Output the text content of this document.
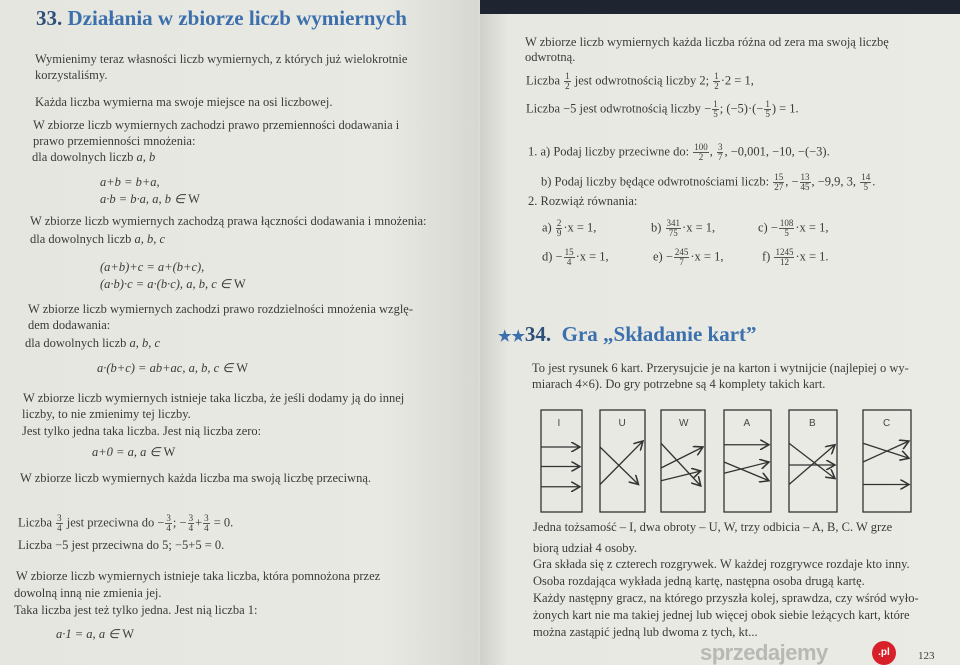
33. Działania w zbiorze liczb wymiernych
★★34. Gra „Składanie kart”
Wymienimy teraz własności liczb wymiernych, z których już wielokrotnie
korzystaliśmy.
Każda liczba wymierna ma swoje miejsce na osi liczbowej.
W zbiorze liczb wymiernych zachodzi prawo przemienności dodawania i
prawo przemienności mnożenia:
dla dowolnych liczb a, b
a+b = b+a,
a·b = b·a, a, b ∈ W
W zbiorze liczb wymiernych zachodzą prawa łączności dodawania i mnożenia:
dla dowolnych liczb a, b, c
(a+b)+c = a+(b+c),
(a·b)·c = a·(b·c), a, b, c ∈ W
W zbiorze liczb wymiernych zachodzi prawo rozdzielności mnożenia wzglę-
dem dodawania:
dla dowolnych liczb a, b, c
a·(b+c) = ab+ac, a, b, c ∈ W
W zbiorze liczb wymiernych istnieje taka liczba, że jeśli dodamy ją do innej
liczby, to nie zmienimy tej liczby.
Jest tylko jedna taka liczba. Jest nią liczba zero:
a+0 = a, a ∈ W
W zbiorze liczb wymiernych każda liczba ma swoją liczbę przeciwną.
Liczba $\frac{3}{4}$ jest przeciwna do − $\frac{3}{4}$ ; − $\frac{3}{4} + \frac{3}{4} = 0$.
Liczba −5 jest przeciwna do 5; −5+5 = 0.
W zbiorze liczb wymiernych istnieje taka liczba, która pomnożona przez
dowolną inną nie zmienia jej.
Taka liczba jest też tylko jedna. Jest nią liczba 1:
a·1 = a, a ∈ W
W zbiorze liczb wymiernych każda liczba różna od zera ma swoją liczbę
odwrotną.
Liczba $\frac{1}{2}$ jest odwrotnością liczby 2; $\frac{1}{2} \cdot 2 = 1$,
Liczba −5 jest odwrotnością liczby − $\frac{1}{5}$ ; $(-5)\cdot(- \frac{1}{5}$ ) = 1.
1. a) Podaj liczby przeciwne do: $\frac{100}{2}$ , $\frac{3}{7}$ , −0,001, −10, −(−3).
b) Podaj liczby będące odwrotnościami liczb: $\frac{15}{27}$ , − $\frac{13}{45}$ , −9,9, 3, $\frac{14}{5}$ .
2. Rozwiąż równania:
$a) \frac{2}{9} \cdot x = 1$,	$b) \frac{341}{75} \cdot x = 1$,	$c) - \frac{108}{5} \cdot x = 1$,
$d) - \frac{15}{4} \cdot x = 1$,	$e) - \frac{245}{7} \cdot x = 1$,	$f) \frac{1245}{12} \cdot x = 1$.
To jest rysunek 6 kart. Przerysujcie je na karton i wytnijcie (najlepiej o wy-
miarach 4×6). Do gry potrzebne są 4 komplety takich kart.
Jedna tożsamość – I, dwa obroty – U, W, trzy odbicia – A, B, C. W grze
biorą udział 4 osoby.
Gra składa się z czterech rozgrywek. W każdej rozgrywce rozdaje kto inny.
Osoba rozdająca wykłada jedną kartę, następna osoba drugą kartę.
Każdy następny gracz, na którego przyszła kolej, sprawdza, czy wśród wyło-
żonych kart nie ma takiej jednej lub więcej obok siebie leżących kart, które
można zastąpić jedną lub dwoma z tych, kt...
I	U	W	A	B	C
sprzedajemy	.pl	123
